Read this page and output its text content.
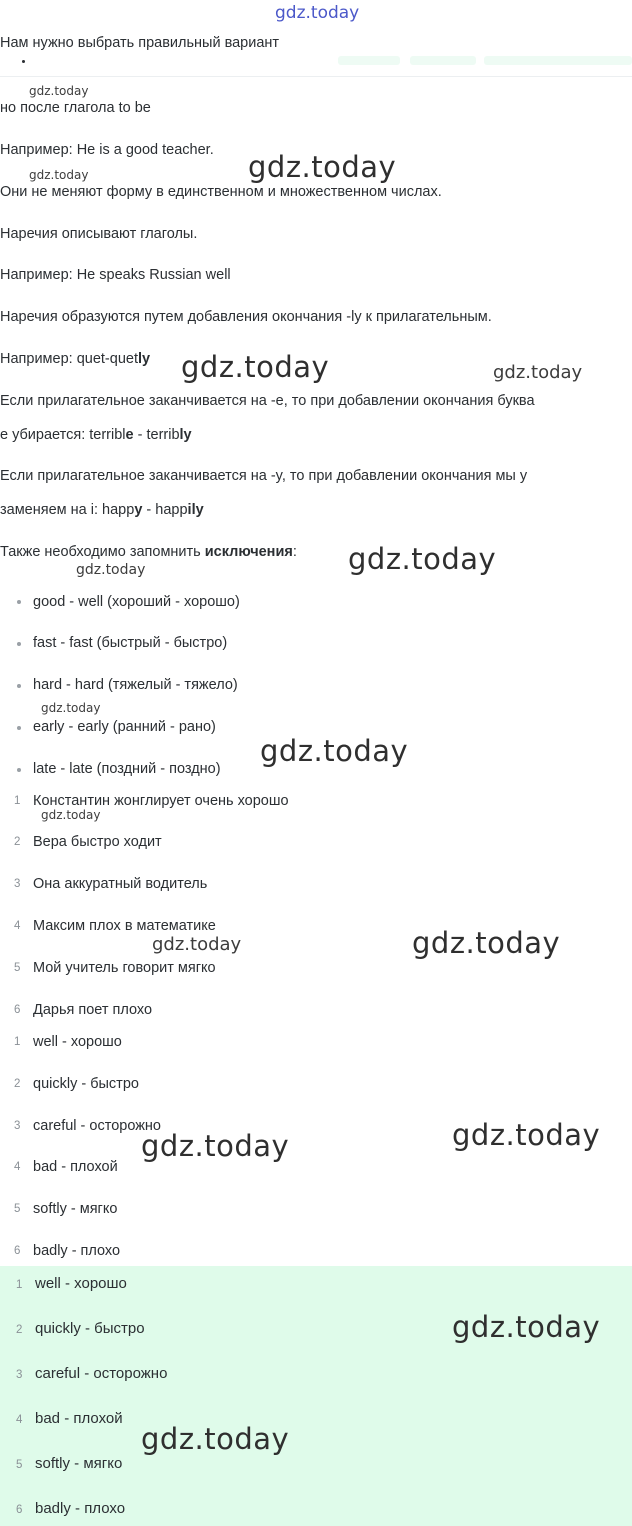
gdz.today
Нам нужно выбрать правильный вариант
gdz.today
но после глагола to be
Например: He is a good teacher. gdz.today
gdz.today
Они не меняют форму в единственном и множественном числах.
Наречия описывают глаголы.
Например: He speaks Russian well
Наречия образуются путем добавления окончания -ly к прилагательным.
Например: quet-quetly gdz.today	gdz.today
Если прилагательное заканчивается на -e, то при добавлении окончания буква
e убирается: terrible - terribly
Если прилагательное заканчивается на -y, то при добавлении окончания мы y
заменяем на i: happy - happily
Также необходимо запомнить исключения: gdz.today
gdz.today
good - well (хороший - хорошо)
fast - fast (быстрый - быстро)
hard - hard (тяжелый - тяжело)
gdz.today
early - early (ранний - рано)
gdz.today
late - late (поздний - поздно)
1 Константин жонглирует очень хорошо
gdz.today
2 Вера быстро ходит
3 Она аккуратный водитель
4 Максим плох в математике
gdz.today	gdz.today
5 Мой учитель говорит мягко
6 Дарья поет плохо
1 well - хорошо
2 quickly - быстро
3 careful - осторожно	gdz.today
gdz.today
4 bad - плохой
5 softly - мягко
6 badly - плохо
1 well - хорошо
2 quickly - быстро	gdz.today
3 careful - осторожно
4 bad - плохой
gdz.today
5 softly - мягко
6 badly - плохо
